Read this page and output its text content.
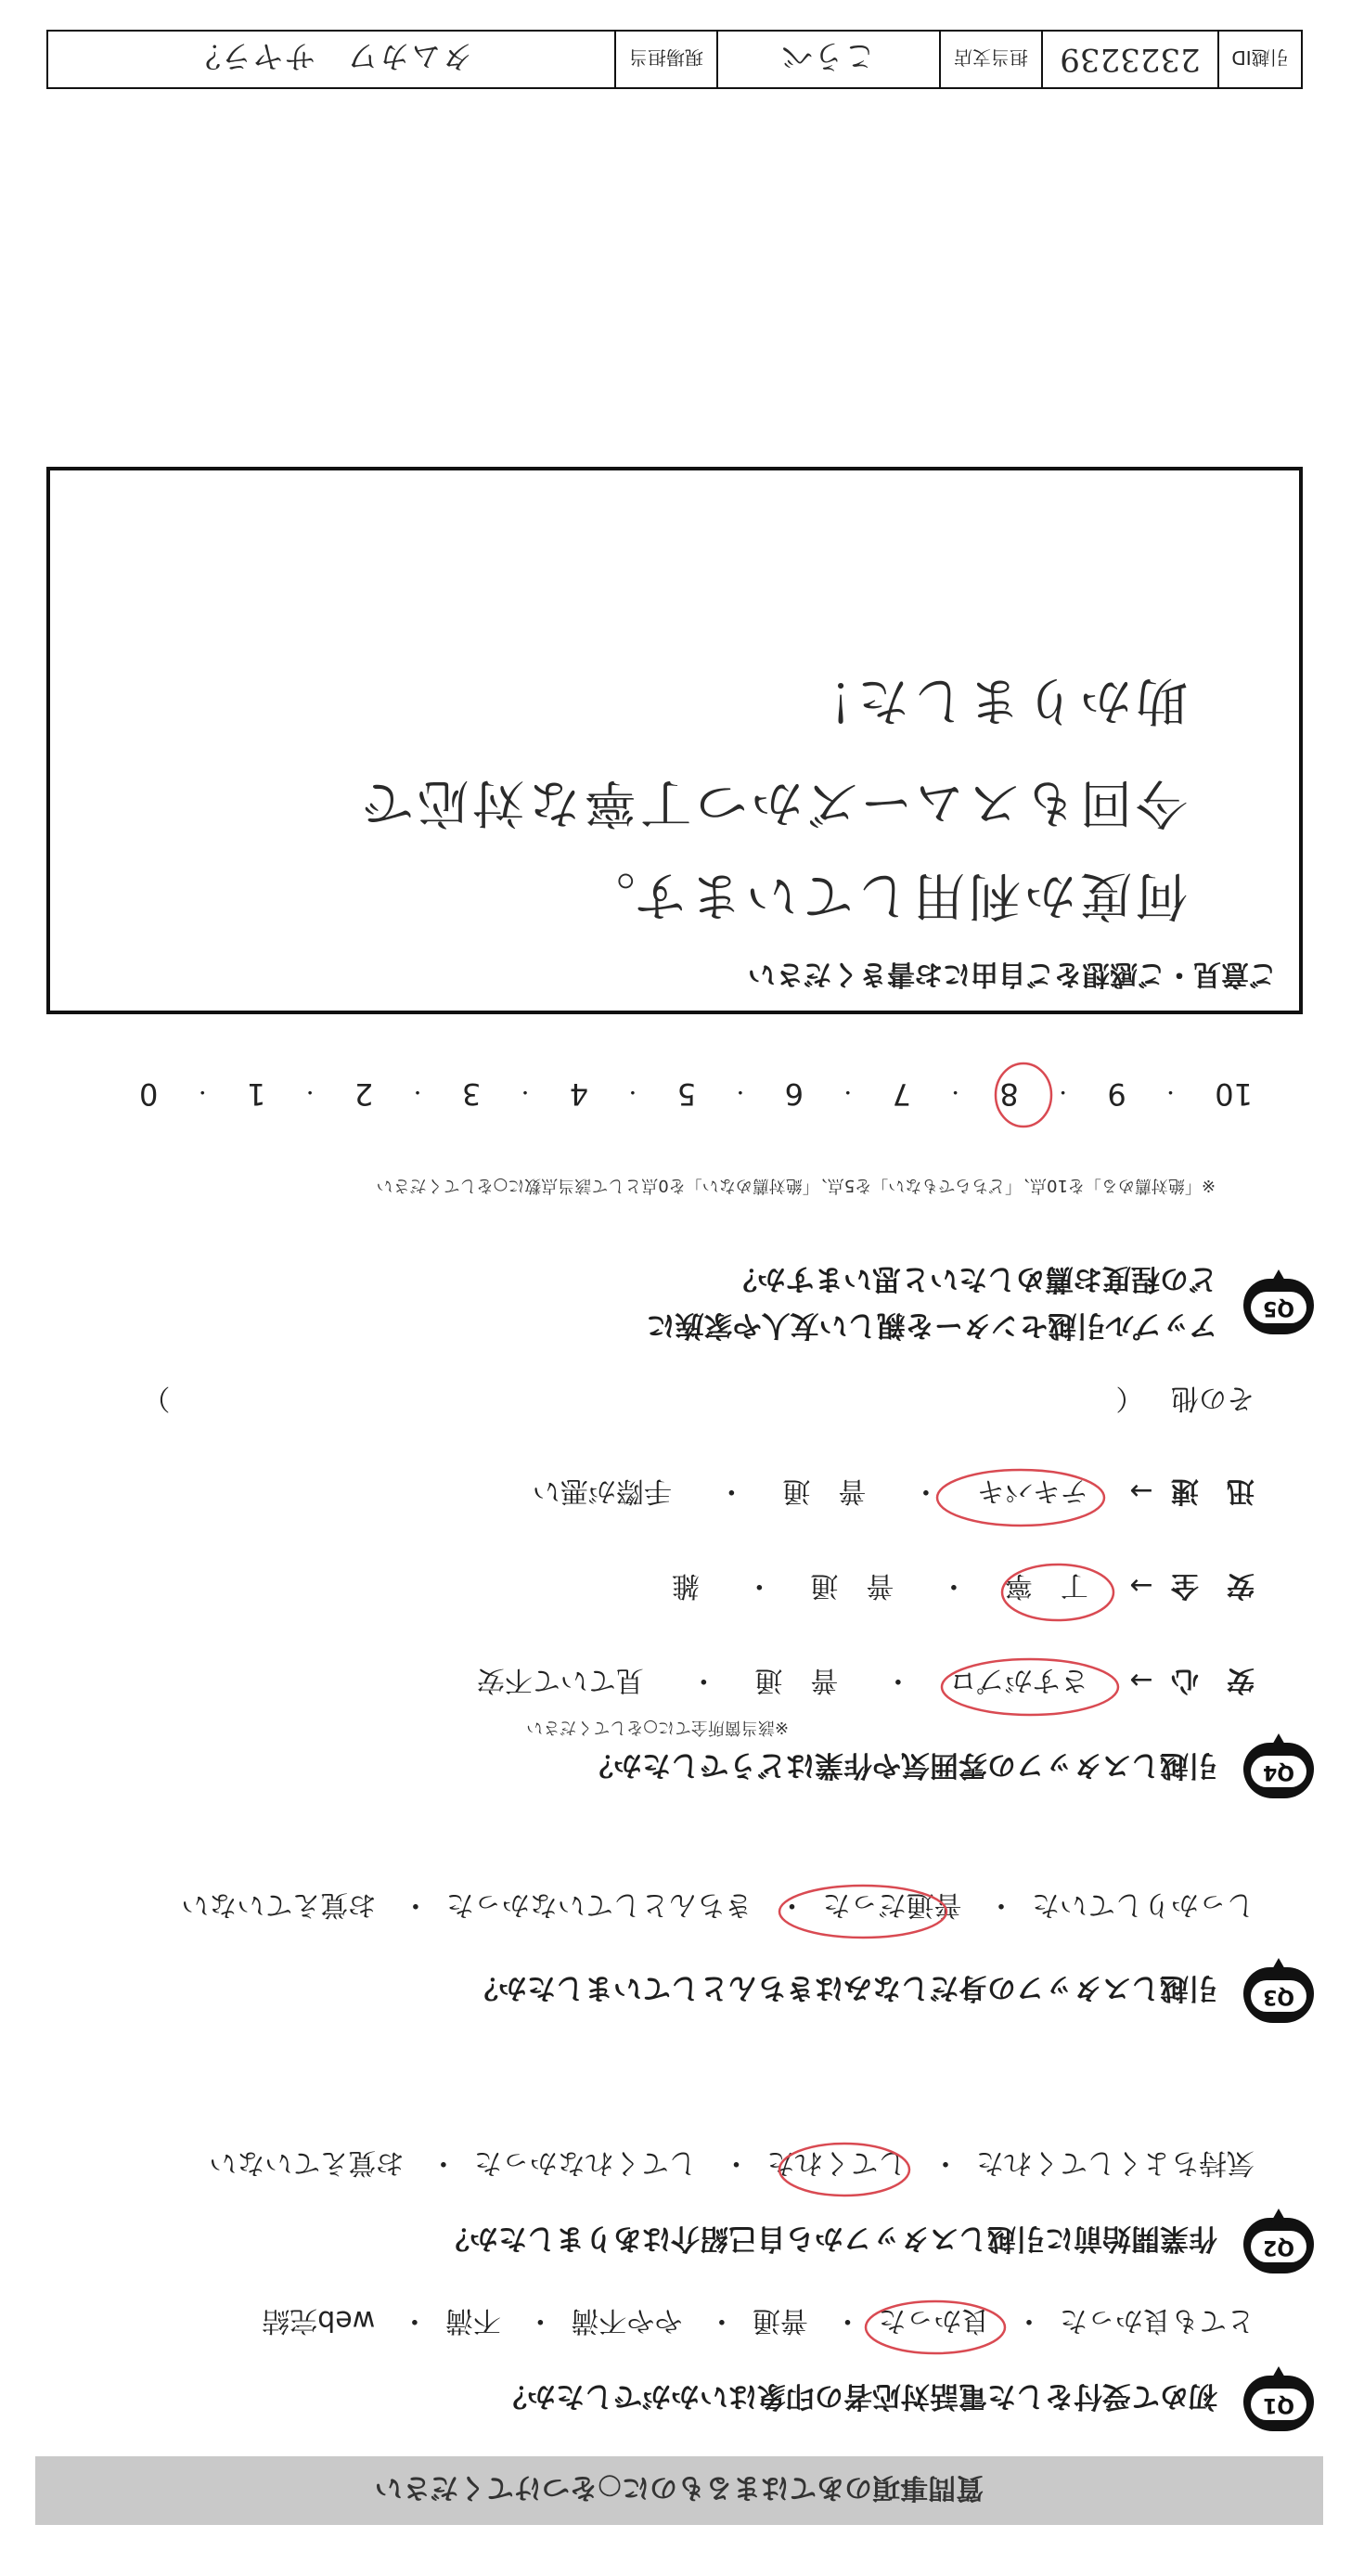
質問事項のあてはまるものに○をつけてください
Q1
初めて受付をした電話対応者の印象はいかがでしたか？
とても良かった・ 良かった・ 普通・ やや不満・ 不満・ web完結
Q2
作業開始前に引越しスタッフから自己紹介はありましたか？
気持ちよくしてくれた・ してくれた・ してくれなかった・ お覚えていない
Q3
引越しスタッフの身だしなみはきちんとしていましたか？
しっかりしていた・ 普通だった・ きちんとしていなかった・ お覚えていない
Q4
引越しスタッフの雰囲気や作業はどうでしたか？
※該当箇所全てに○をしてください
安　心 → さすがプロ・ 普　通・ 見ていて不安
安　全 → 丁　寧・ 普　通・ 雑
迅　速 → テキパキ・ 普　通・ 手際が悪い
その他 （  ）
Q5
アップル引越センターを親しい友人や家族に
どの程度お薦めしたいと思いますか？
※「絶対薦める」を10点、「どちらでもない」を5点、「絶対薦めない」を0点として該当点数に○をしてください
10
・
9
・
8
・
7
・
6
・
5
・
4
・
3
・
2
・
1
・
0
ご意見・ご感想をご自由にお書きください
何度か利用しています。
今回もスムーズかつ丁寧な対応で
助かりました！
引越ID
2323239
担当支店
こうべ
現場担当
タムカワ　サヤラ？
